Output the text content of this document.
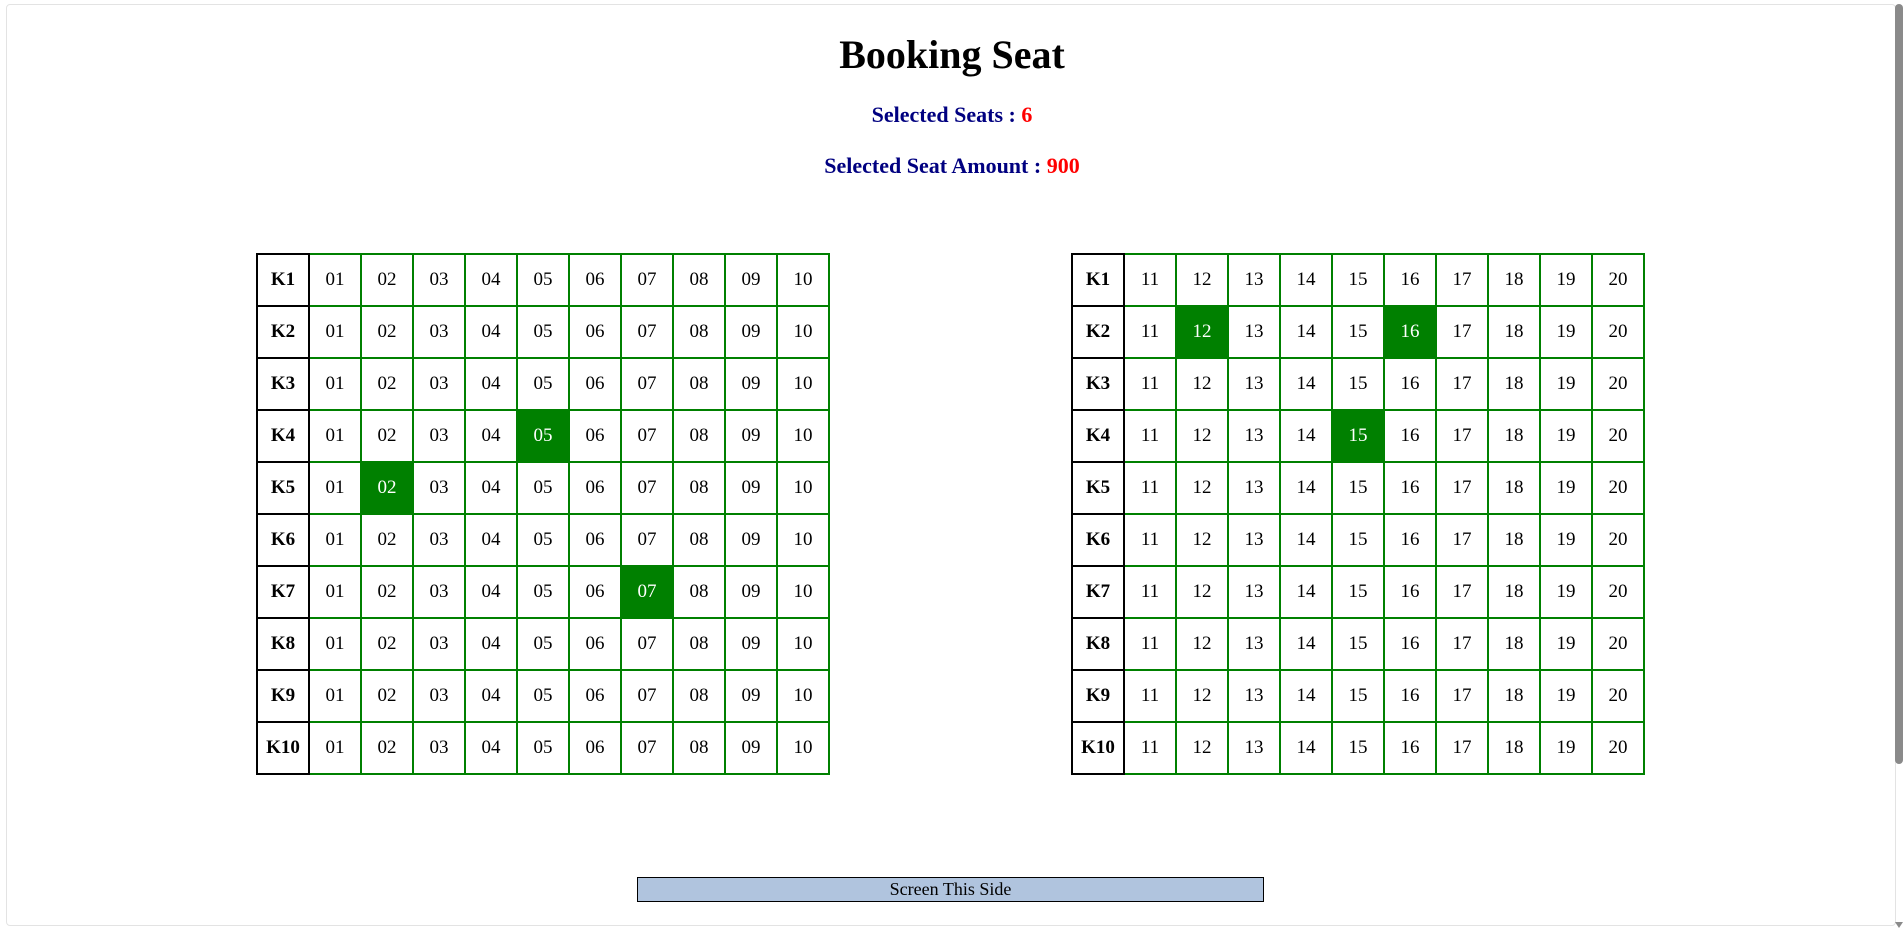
Booking Seat
Selected Seats : 6
Selected Seat Amount : 900
K1	01	02	03	04	05	06	07	08	09	10
K2	01	02	03	04	05	06	07	08	09	10
K3	01	02	03	04	05	06	07	08	09	10
K4	01	02	03	04	05	06	07	08	09	10
K5	01	02	03	04	05	06	07	08	09	10
K6	01	02	03	04	05	06	07	08	09	10
K7	01	02	03	04	05	06	07	08	09	10
K8	01	02	03	04	05	06	07	08	09	10
K9	01	02	03	04	05	06	07	08	09	10
K10	01	02	03	04	05	06	07	08	09	10
K1	11	12	13	14	15	16	17	18	19	20
K2	11	12	13	14	15	16	17	18	19	20
K3	11	12	13	14	15	16	17	18	19	20
K4	11	12	13	14	15	16	17	18	19	20
K5	11	12	13	14	15	16	17	18	19	20
K6	11	12	13	14	15	16	17	18	19	20
K7	11	12	13	14	15	16	17	18	19	20
K8	11	12	13	14	15	16	17	18	19	20
K9	11	12	13	14	15	16	17	18	19	20
K10	11	12	13	14	15	16	17	18	19	20
Screen This Side
